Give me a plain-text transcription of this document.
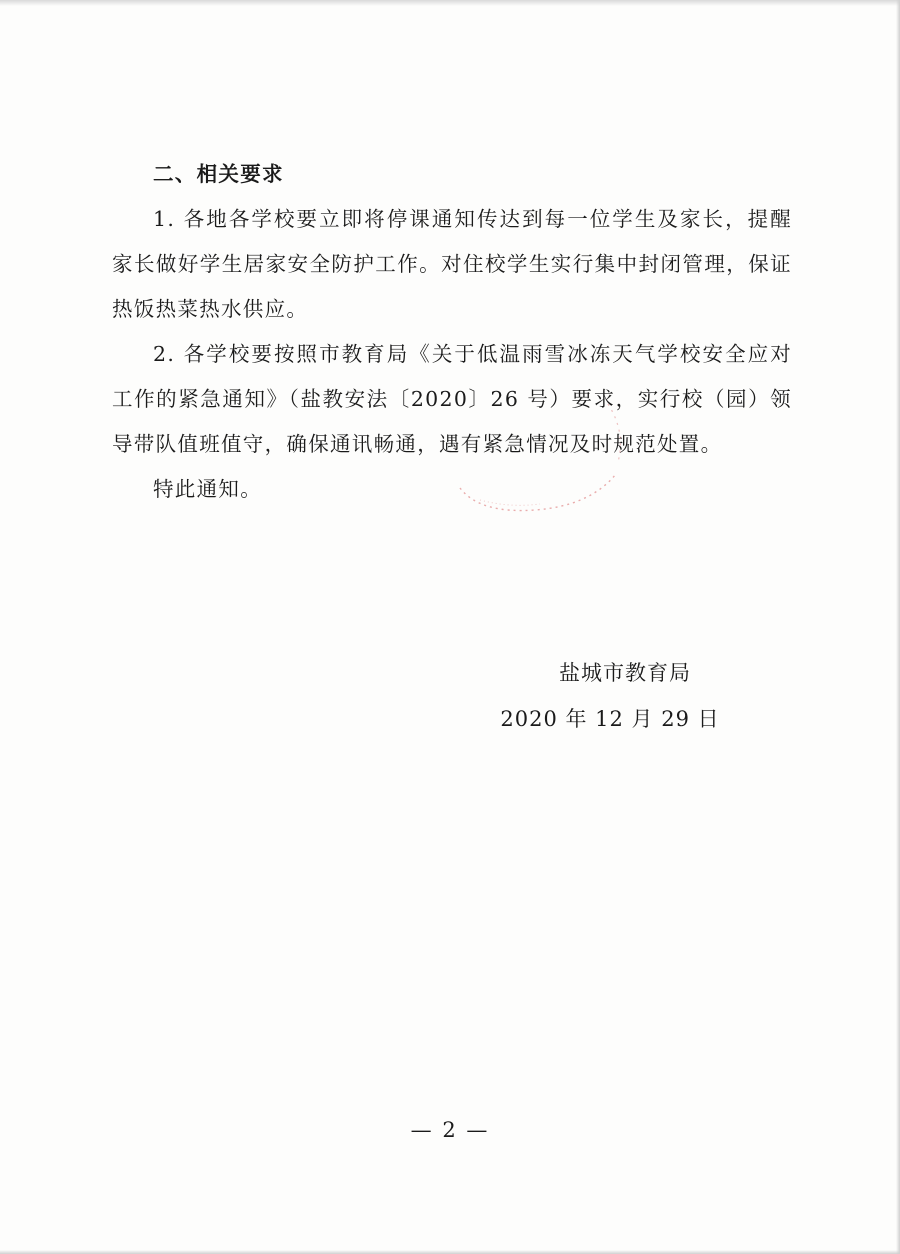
二、相关要求

1. 各地各学校要立即将停课通知传达到每一位学生及家长，提醒家长做好学生居家安全防护工作。对住校学生实行集中封闭管理，保证热饭热菜热水供应。

2. 各学校要按照市教育局《关于低温雨雪冰冻天气学校安全应对工作的紧急通知》（盐教安法〔2020〕26 号）要求，实行校（园）领导带队值班值守，确保通讯畅通，遇有紧急情况及时规范处置。

特此通知。

盐城市教育局
2020 年 12 月 29 日
— 2 —
